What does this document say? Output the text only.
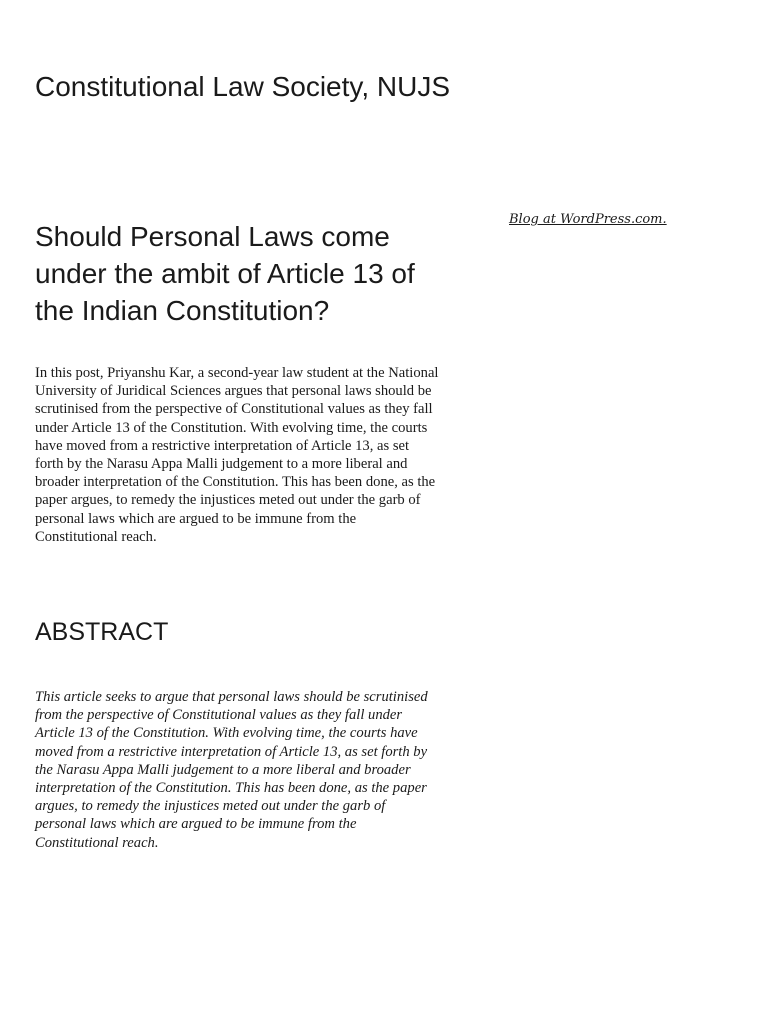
Constitutional Law Society, NUJS
Blog at WordPress.com.
Should Personal Laws come under the ambit of Article 13 of the Indian Constitution?

In this post, Priyanshu Kar, a second-year law student at the National University of Juridical Sciences argues that personal laws should be scrutinised from the perspective of Constitutional values as they fall under Article 13 of the Constitution. With evolving time, the courts have moved from a restrictive interpretation of Article 13, as set forth by the Narasu Appa Malli judgement to a more liberal and broader interpretation of the Constitution. This has been done, as the paper argues, to remedy the injustices meted out under the garb of personal laws which are argued to be immune from the Constitutional reach.

ABSTRACT

This article seeks to argue that personal laws should be scrutinised from the perspective of Constitutional values as they fall under Article 13 of the Constitution. With evolving time, the courts have moved from a restrictive interpretation of Article 13, as set forth by the Narasu Appa Malli judgement to a more liberal and broader interpretation of the Constitution. This has been done, as the paper argues, to remedy the injustices meted out under the garb of personal laws which are argued to be immune from the Constitutional reach.
